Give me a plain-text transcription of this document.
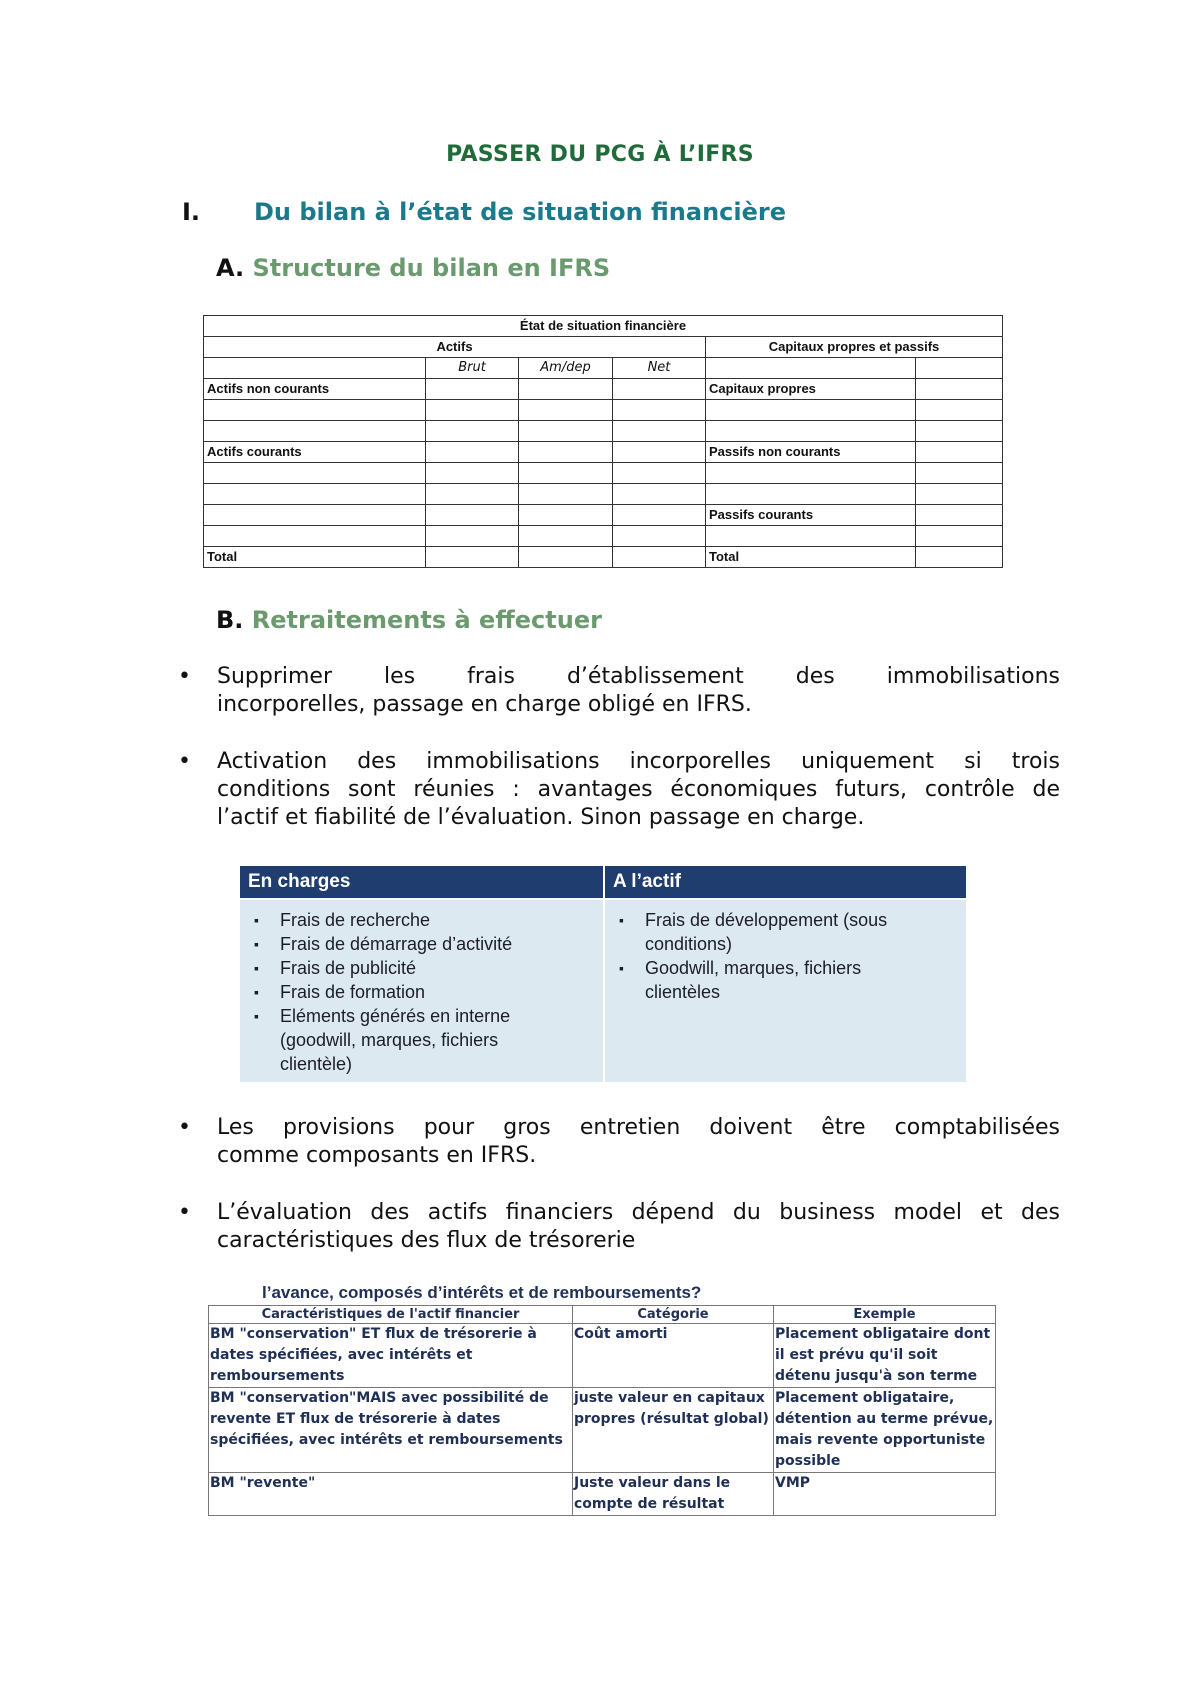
PASSER DU PCG À L’IFRS
I. Du bilan à l’état de situation financière
A. Structure du bilan en IFRS
État de situation financière					
Actifs				Capitaux propres et passifs	
	Brut	Am/dep	Net		
Actifs non courants				Capitaux propres	

Actifs courants				Passifs non courants	

				Passifs courants	

Total				Total	
B. Retraitements à effectuer
• Supprimer les frais d’établissement des immobilisations
incorporelles, passage en charge obligé en IFRS.
• Activation des immobilisations incorporelles uniquement si trois
conditions sont réunies : avantages économiques futurs, contrôle de
l’actif et fiabilité de l’évaluation. Sinon passage en charge.
En charges	A l’actif
▪ Frais de recherche
▪ Frais de démarrage d’activité
▪ Frais de publicité
▪ Frais de formation
▪ Eléments générés en interne (goodwill, marques, fichiers clientèle)
▪ Frais de développement (sous conditions)
▪ Goodwill, marques, fichiers clientèles
• Les provisions pour gros entretien doivent être comptabilisées
comme composants en IFRS.
• L’évaluation des actifs financiers dépend du business model et des
caractéristiques des flux de trésorerie
l’avance, composés d’intérêts et de remboursements?
Caractéristiques de l'actif financier	Catégorie	Exemple
BM "conservation" ET flux de trésorerie à dates spécifiées, avec intérêts et remboursements	Coût amorti	Placement obligataire dont il est prévu qu'il soit détenu jusqu'à son terme
BM "conservation"MAIS avec possibilité de revente ET flux de trésorerie à dates spécifiées, avec intérêts et remboursements	juste valeur en capitaux propres (résultat global)	Placement obligataire, détention au terme prévue, mais revente opportuniste possible
BM "revente"	Juste valeur dans le compte de résultat	VMP
